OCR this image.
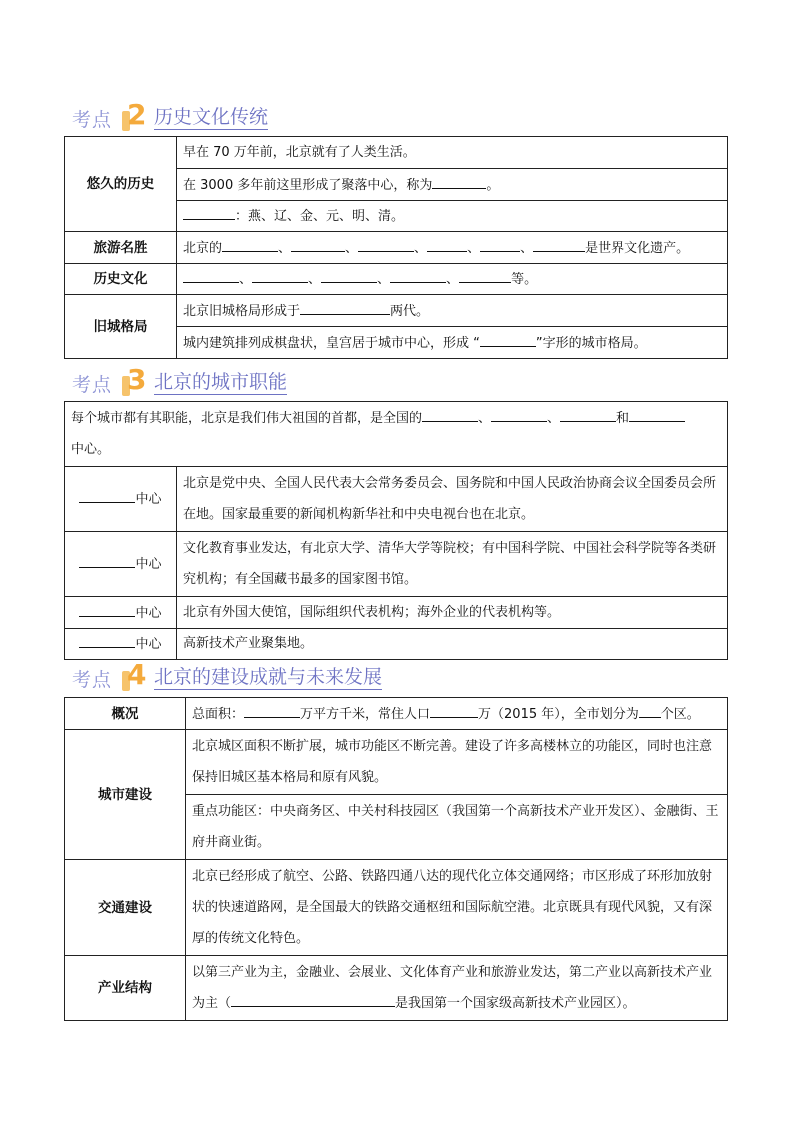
考点 2 历史文化传统
悠久的历史	早在 70 万年前，北京就有了人类生活。
	在 3000 多年前这里形成了聚落中心，称为 。
	：燕、辽、金、元、明、清。
旅游名胜	北京的 、 、 、 、 、 是世界文化遗产。
历史文化	、 、 、 、 等。
旧城格局	北京旧城格局形成于 两代。
	城内建筑排列成棋盘状，皇宫居于城市中心，形成 “ ”字形的城市格局。
考点 3 北京的城市职能
每个城市都有其职能，北京是我们伟大祖国的首都，是全国的 、 、 和
中心。	
中心	北京是党中央、全国人民代表大会常务委员会、国务院和中国人民政治协商会议全国委员会所在地。国家最重要的新闻机构新华社和中央电视台也在北京。
中心	文化教育事业发达，有北京大学、清华大学等院校；有中国科学院、中国社会科学院等各类研究机构；有全国藏书最多的国家图书馆。
中心	北京有外国大使馆，国际组织代表机构；海外企业的代表机构等。
中心	高新技术产业聚集地。
考点 4 北京的建设成就与未来发展
概况	总面积： 万平方千米，常住人口 万（2015 年），全市划分为 个区。
城市建设	北京城区面积不断扩展，城市功能区不断完善。建设了许多高楼林立的功能区，同时也注意保持旧城区基本格局和原有风貌。
	重点功能区：中央商务区、中关村科技园区（我国第一个高新技术产业开发区）、金融街、王府井商业街。
交通建设	北京已经形成了航空、公路、铁路四通八达的现代化立体交通网络；市区形成了环形加放射状的快速道路网，是全国最大的铁路交通枢纽和国际航空港。北京既具有现代风貌，又有深厚的传统文化特色。
产业结构	以第三产业为主，金融业、会展业、文化体育产业和旅游业发达，第二产业以高新技术产业为主（ 是我国第一个国家级高新技术产业园区）。
